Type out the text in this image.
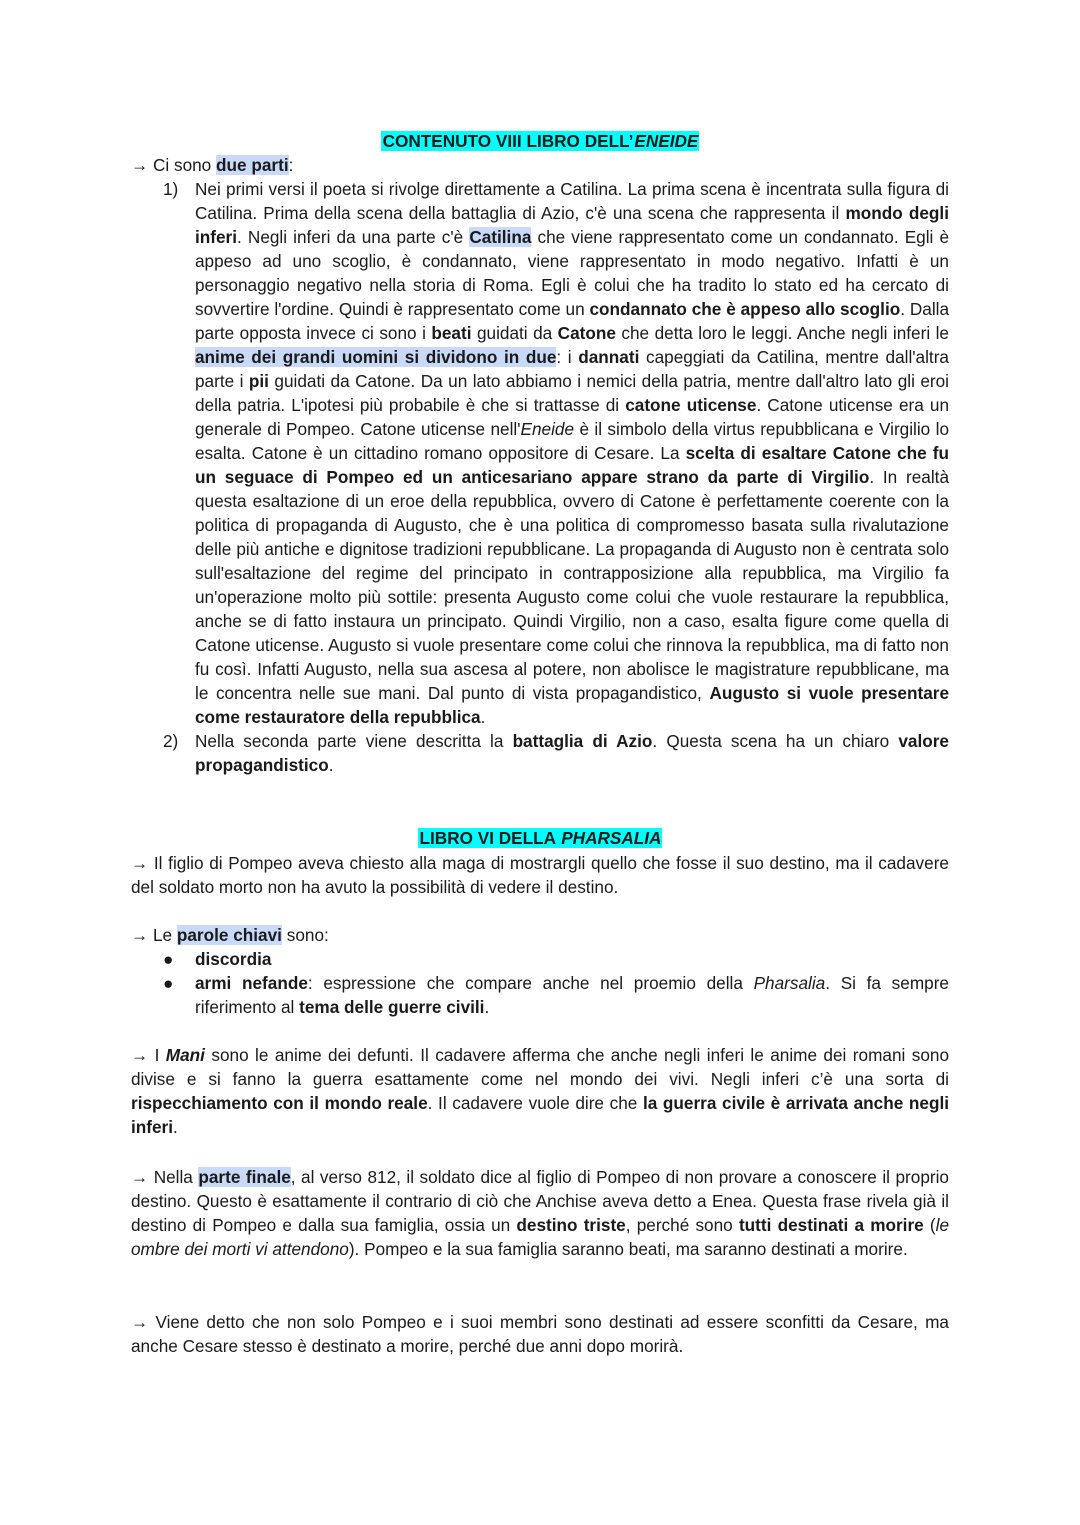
CONTENUTO VIII LIBRO DELL’ENEIDE

→ Ci sono due parti:

1) Nei primi versi il poeta si rivolge direttamente a Catilina. La prima scena è incentrata sulla figura di Catilina. Prima della scena della battaglia di Azio, c'è una scena che rappresenta il mondo degli inferi. Negli inferi da una parte c'è Catilina che viene rappresentato come un condannato. Egli è appeso ad uno scoglio, è condannato, viene rappresentato in modo negativo. Infatti è un personaggio negativo nella storia di Roma. Egli è colui che ha tradito lo stato ed ha cercato di sovvertire l'ordine. Quindi è rappresentato come un condannato che è appeso allo scoglio. Dalla parte opposta invece ci sono i beati guidati da Catone che detta loro le leggi. Anche negli inferi le anime dei grandi uomini si dividono in due: i dannati capeggiati da Catilina, mentre dall'altra parte i pii guidati da Catone. Da un lato abbiamo i nemici della patria, mentre dall'altro lato gli eroi della patria. L'ipotesi più probabile è che si trattasse di catone uticense. Catone uticense era un generale di Pompeo. Catone uticense nell'Eneide è il simbolo della virtus repubblicana e Virgilio lo esalta. Catone è un cittadino romano oppositore di Cesare. La scelta di esaltare Catone che fu un seguace di Pompeo ed un anticesariano appare strano da parte di Virgilio. In realtà questa esaltazione di un eroe della repubblica, ovvero di Catone è perfettamente coerente con la politica di propaganda di Augusto, che è una politica di compromesso basata sulla rivalutazione delle più antiche e dignitose tradizioni repubblicane. La propaganda di Augusto non è centrata solo sull'esaltazione del regime del principato in contrapposizione alla repubblica, ma Virgilio fa un'operazione molto più sottile: presenta Augusto come colui che vuole restaurare la repubblica, anche se di fatto instaura un principato. Quindi Virgilio, non a caso, esalta figure come quella di Catone uticense. Augusto si vuole presentare come colui che rinnova la repubblica, ma di fatto non fu così. Infatti Augusto, nella sua ascesa al potere, non abolisce le magistrature repubblicane, ma le concentra nelle sue mani. Dal punto di vista propagandistico, Augusto si vuole presentare come restauratore della repubblica.
2) Nella seconda parte viene descritta la battaglia di Azio. Questa scena ha un chiaro valore propagandistico.

LIBRO VI DELLA PHARSALIA

→ Il figlio di Pompeo aveva chiesto alla maga di mostrargli quello che fosse il suo destino, ma il cadavere del soldato morto non ha avuto la possibilità di vedere il destino.

→ Le parole chiavi sono:

● discordia
● armi nefande: espressione che compare anche nel proemio della Pharsalia. Si fa sempre riferimento al tema delle guerre civili.

→ I Mani sono le anime dei defunti. Il cadavere afferma che anche negli inferi le anime dei romani sono divise e si fanno la guerra esattamente come nel mondo dei vivi. Negli inferi c’è una sorta di rispecchiamento con il mondo reale. Il cadavere vuole dire che la guerra civile è arrivata anche negli inferi.

→ Nella parte finale, al verso 812, il soldato dice al figlio di Pompeo di non provare a conoscere il proprio destino. Questo è esattamente il contrario di ciò che Anchise aveva detto a Enea. Questa frase rivela già il destino di Pompeo e dalla sua famiglia, ossia un destino triste, perché sono tutti destinati a morire (le ombre dei morti vi attendono). Pompeo e la sua famiglia saranno beati, ma saranno destinati a morire.

→ Viene detto che non solo Pompeo e i suoi membri sono destinati ad essere sconfitti da Cesare, ma anche Cesare stesso è destinato a morire, perché due anni dopo morirà.
